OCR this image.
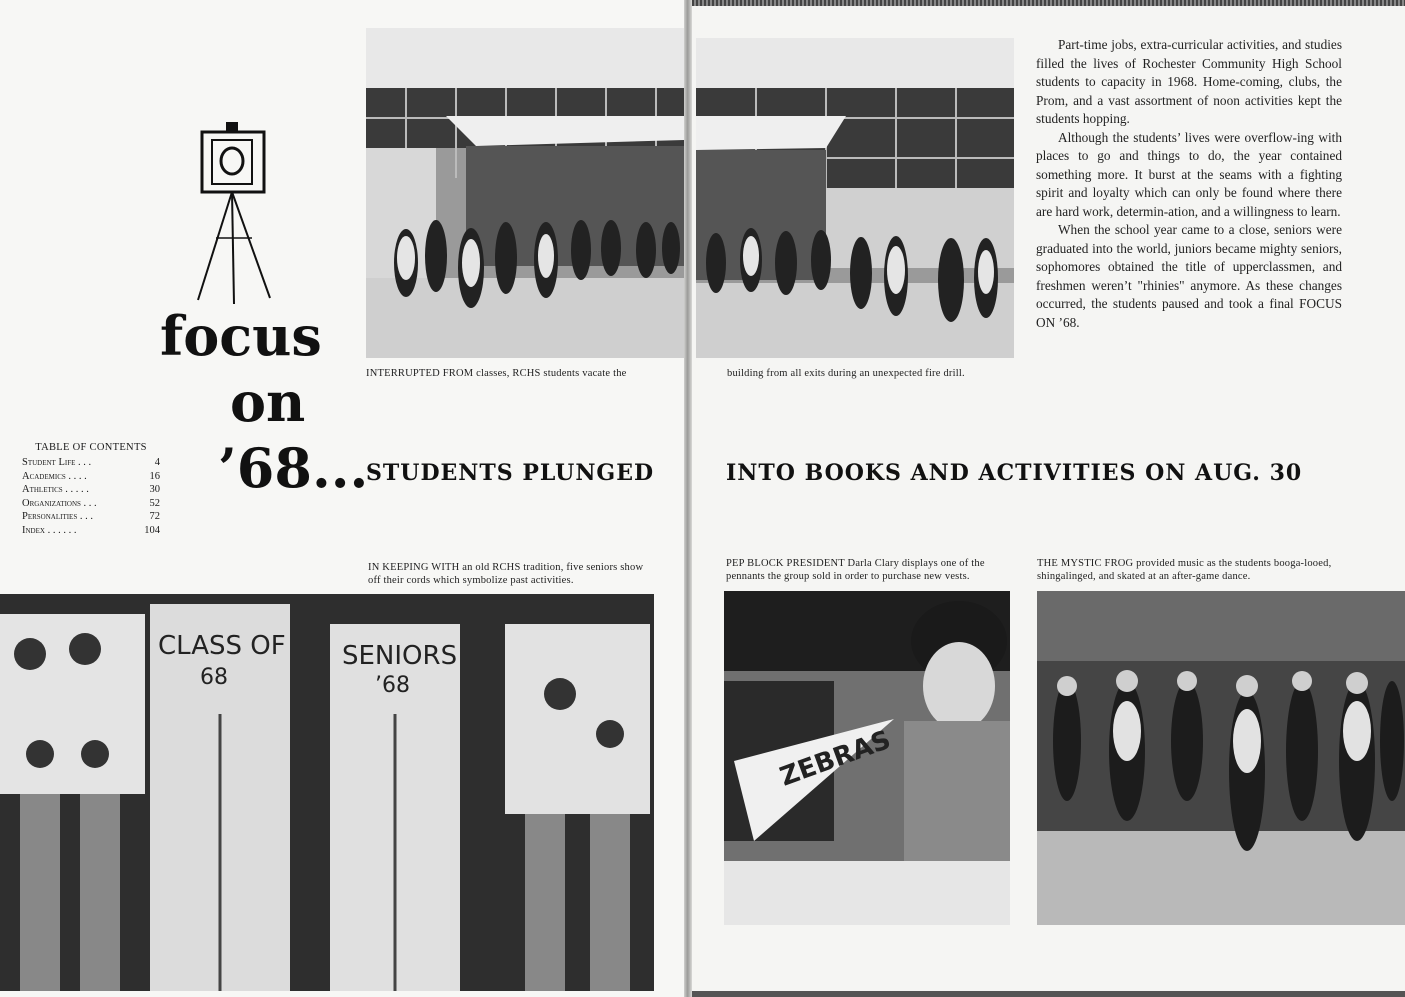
focus
on
’68...
TABLE OF CONTENTS
Student Life . . .	4
Academics . . . .	16
Athletics . . . . .	30
Organizations . . .	52
Personalities . . .	72
Index . . . . . .	104
INTERRUPTED FROM classes, RCHS students vacate the	building from all exits during an unexpected fire drill.

Part-time jobs, extra-curricular activities, and studies filled the lives of Rochester Community High School students to capacity in 1968. Home-coming, clubs, the Prom, and a vast assortment of noon activities kept the students hopping.

Although the students’ lives were overflow-ing with places to go and things to do, the year contained something more. It burst at the seams with a fighting spirit and loyalty which can only be found where there are hard work, determin-ation, and a willingness to learn.

When the school year came to a close, seniors were graduated into the world, juniors became mighty seniors, sophomores obtained the title of upperclassmen, and freshmen weren’t "rhinies" anymore. As these changes occurred, the students paused and took a final FOCUS ON ’68.

STUDENTS PLUNGED	INTO BOOKS AND ACTIVITIES ON AUG. 30
IN KEEPING WITH an old RCHS tradition, five seniors show off their cords which symbolize past activities.
PEP BLOCK PRESIDENT Darla Clary displays one of the pennants the group sold in order to purchase new vests.
THE MYSTIC FROG provided music as the students booga-looed, shingalinged, and skated at an after-game dance.
CLASS OF
68
SENIORS
’68
ZEBRAS
